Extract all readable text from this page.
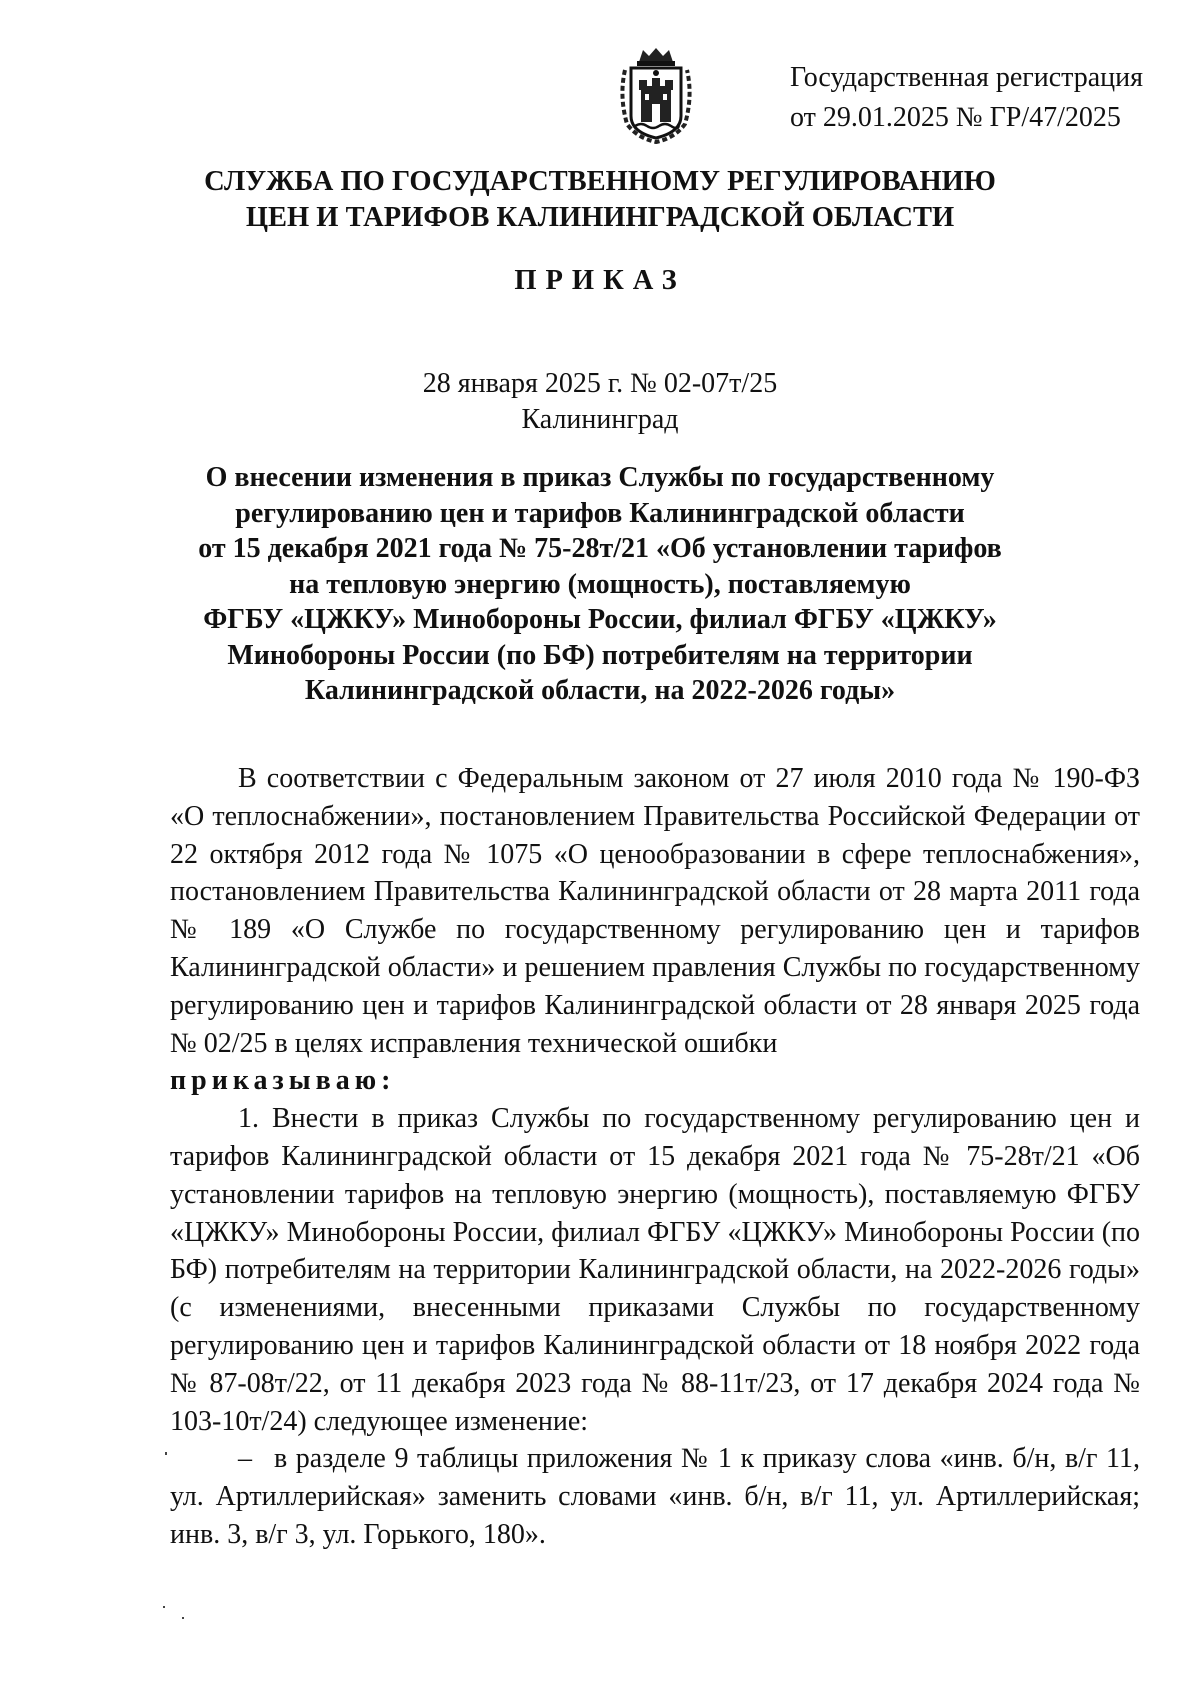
Государственная регистрация
от 29.01.2025 № ГР/47/2025
СЛУЖБА ПО ГОСУДАРСТВЕННОМУ РЕГУЛИРОВАНИЮ
ЦЕН И ТАРИФОВ КАЛИНИНГРАДСКОЙ ОБЛАСТИ
ПРИКАЗ
28 января 2025 г. № 02-07т/25
Калининград
О внесении изменения в приказ Службы по государственному
регулированию цен и тарифов Калининградской области
от 15 декабря 2021 года № 75-28т/21 «Об установлении тарифов
на тепловую энергию (мощность), поставляемую
ФГБУ «ЦЖКУ» Минобороны России, филиал ФГБУ «ЦЖКУ»
Минобороны России (по БФ) потребителям на территории
Калининградской области, на 2022-2026 годы»

В соответствии с Федеральным законом от 27 июля 2010 года № 190-ФЗ «О теплоснабжении», постановлением Правительства Российской Федерации от 22 октября 2012 года № 1075 «О ценообразовании в сфере теплоснабжения», постановлением Правительства Калининградской области от 28 марта 2011 года № 189 «О Службе по государственному регулированию цен и тарифов Калининградской области» и решением правления Службы по государственному регулированию цен и тарифов Калининградской области от 28 января 2025 года № 02/25 в целях исправления технической ошибки

приказываю:

1. Внести в приказ Службы по государственному регулированию цен и тарифов Калининградской области от 15 декабря 2021 года № 75-28т/21 «Об установлении тарифов на тепловую энергию (мощность), поставляемую ФГБУ «ЦЖКУ» Минобороны России, филиал ФГБУ «ЦЖКУ» Минобороны России (по БФ) потребителям на территории Калининградской области, на 2022-2026 годы» (с изменениями, внесенными приказами Службы по государственному регулированию цен и тарифов Калининградской области от 18 ноября 2022 года № 87-08т/22, от 11 декабря 2023 года № 88-11т/23, от 17 декабря 2024 года № 103-10т/24) следующее изменение:

– в разделе 9 таблицы приложения № 1 к приказу слова «инв. б/н, в/г 11, ул. Артиллерийская» заменить словами «инв. б/н, в/г 11, ул. Артиллерийская; инв. 3, в/г 3, ул. Горького, 180».
